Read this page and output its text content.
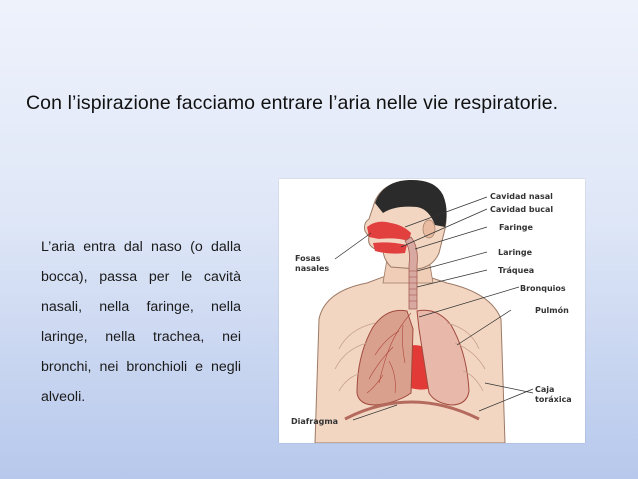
Con l’ispirazione facciamo entrare l’aria nelle vie respiratorie.
L’aria entra dal naso (o dalla bocca), passa per le cavità nasali, nella faringe, nella laringe, nella trachea, nei bronchi, nei bronchioli e negli alveoli.
Cavidad nasal
Cavidad bucal
Faringe
Fosas
nasales
Laringe
Tráquea
Bronquios
Pulmón
Caja
toráxica
Diafragma
